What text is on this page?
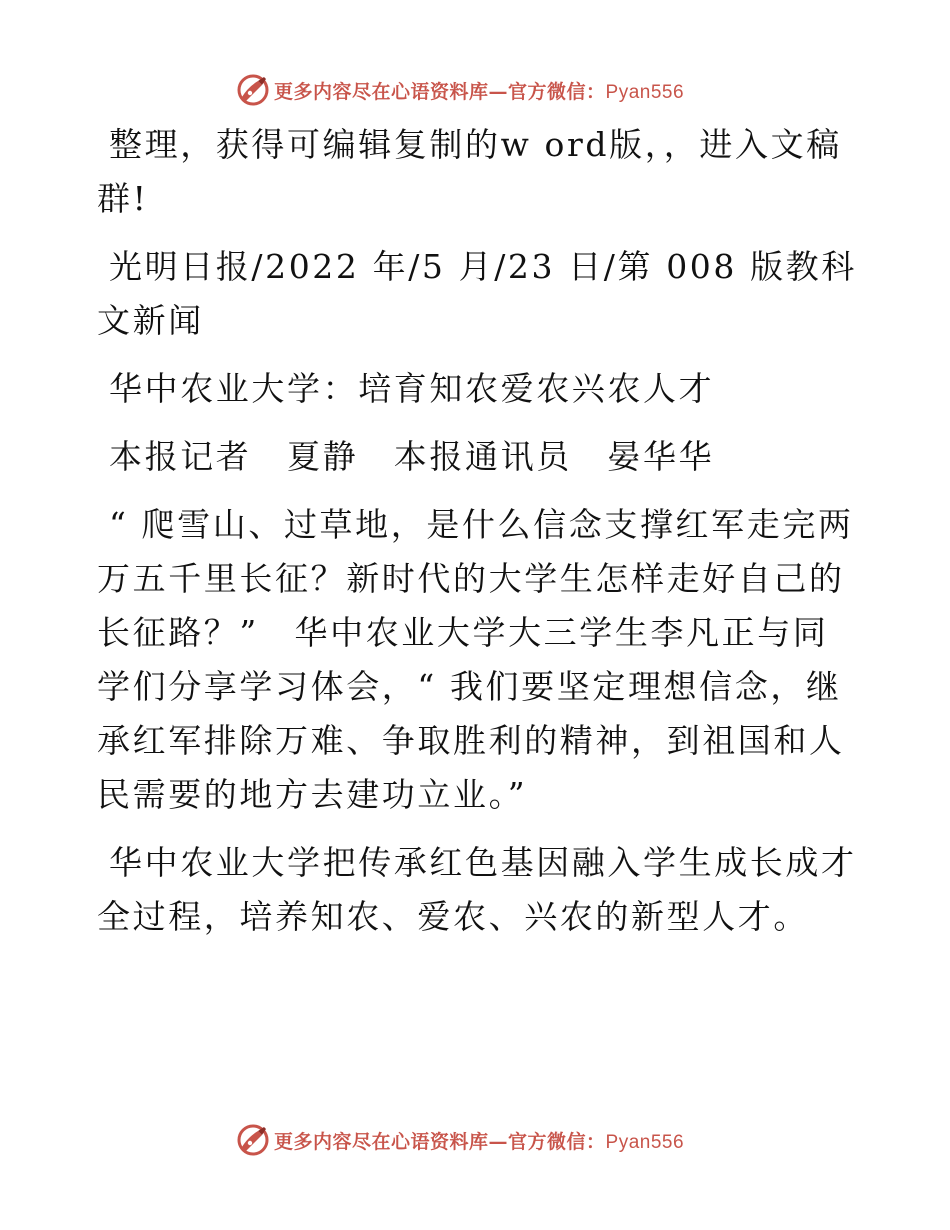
更多内容尽在心语资料库—官方微信：Pyan556

整理，获得可编辑复制的w ord版，，进入文稿群!

光明日报/2022 年/5 月/23 日/第 008 版教科文新闻

华中农业大学：培育知农爱农兴农人才

本报记者　夏静　本报通讯员　晏华华

“ 爬雪山、过草地，是什么信念支撑红军走完两万五千里长征？新时代的大学生怎样走好自己的长征路？”　华中农业大学大三学生李凡正与同学们分享学习体会，“ 我们要坚定理想信念，继承红军排除万难、争取胜利的精神，到祖国和人民需要的地方去建功立业。”

华中农业大学把传承红色基因融入学生成长成才全过程，培养知农、爱农、兴农的新型人才。

更多内容尽在心语资料库—官方微信：Pyan556
